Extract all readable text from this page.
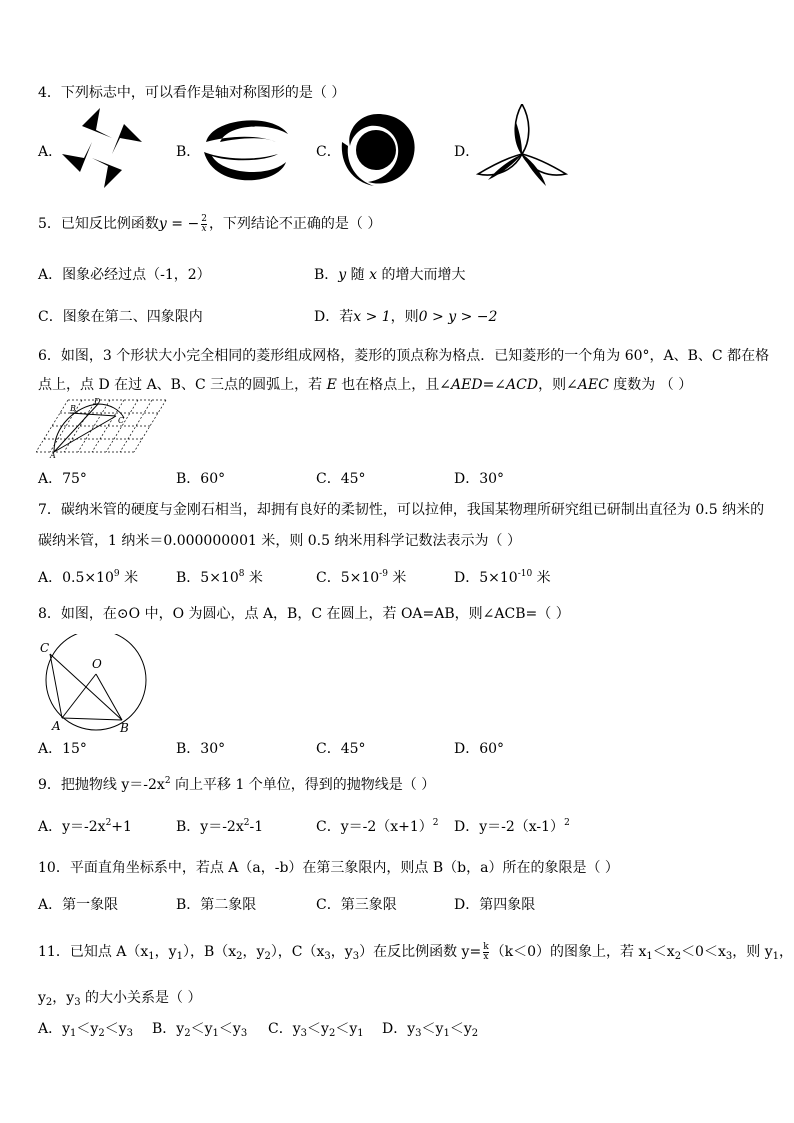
4．下列标志中，可以看作是轴对称图形的是（ ）
A．	B．	C．	D．
5．已知反比例函数y = − $\frac{2}{x}$ ，下列结论不正确的是（ ）
A．图象必经过点（-1，2）	B．y 随 x 的增大而增大
C．图象在第二、四象限内	D．若x > 1，则0 > y > −2
6．如图，3 个形状大小完全相同的菱形组成网格，菱形的顶点称为格点．已知菱形的一个角为 60°，A、B、C 都在格
点上，点 D 在过 A、B、C 三点的圆弧上，若 E 也在格点上，且∠AED=∠ACD，则∠AEC 度数为 （ ）
B
D
C
A
A．75°	B．60°	C．45°	D．30°
7．碳纳米管的硬度与金刚石相当，却拥有良好的柔韧性，可以拉伸，我国某物理所研究组已研制出直径为 0.5 纳米的
碳纳米管，1 纳米＝0.000000001 米，则 0.5 纳米用科学记数法表示为（ ）
A．$0.5\times 10^9$ 米	B．$5\times 10^8$ 米	C．$5\times 10^{-9}$ 米	D．$5\times 10^{-10}$ 米
8．如图，在⊙O 中，O 为圆心，点 A，B，C 在圆上，若 OA=AB，则∠ACB=（ ）
C
O
A	B
A．15°	B．30°	C．45°	D．60°
9．把抛物线 $y=-2x^2$ 向上平移 1 个单位，得到的抛物线是（ ）
A．$y=-2x^2+1$	B．$y=-2x^2-1$	C．$y=-2(x+1)^2$ D．$y=-2(x-1)^2$
10．平面直角坐标系中，若点 A（a，-b）在第三象限内，则点 B（b，a）所在的象限是（ ）
A．第一象限	B．第二象限	C．第三象限	D．第四象限
11．已知点 $A(x_1$，$y_1$），$B(x_2$，$y_2$），$C(x_3$，$y_3$）在反比例函数 $y= \frac{k}{x} (k<0)$的图象上，若 $x_1<x_2<0<x_3$，则 $y_1$，
$y_2$，$y_3$ 的大小关系是（ ）
A．$y_1<y_2<y_3$ B．$y_2<y_1<y_3$ C．$y_3<y_2<y_1$ D．$y_3<y_1<y_2$
